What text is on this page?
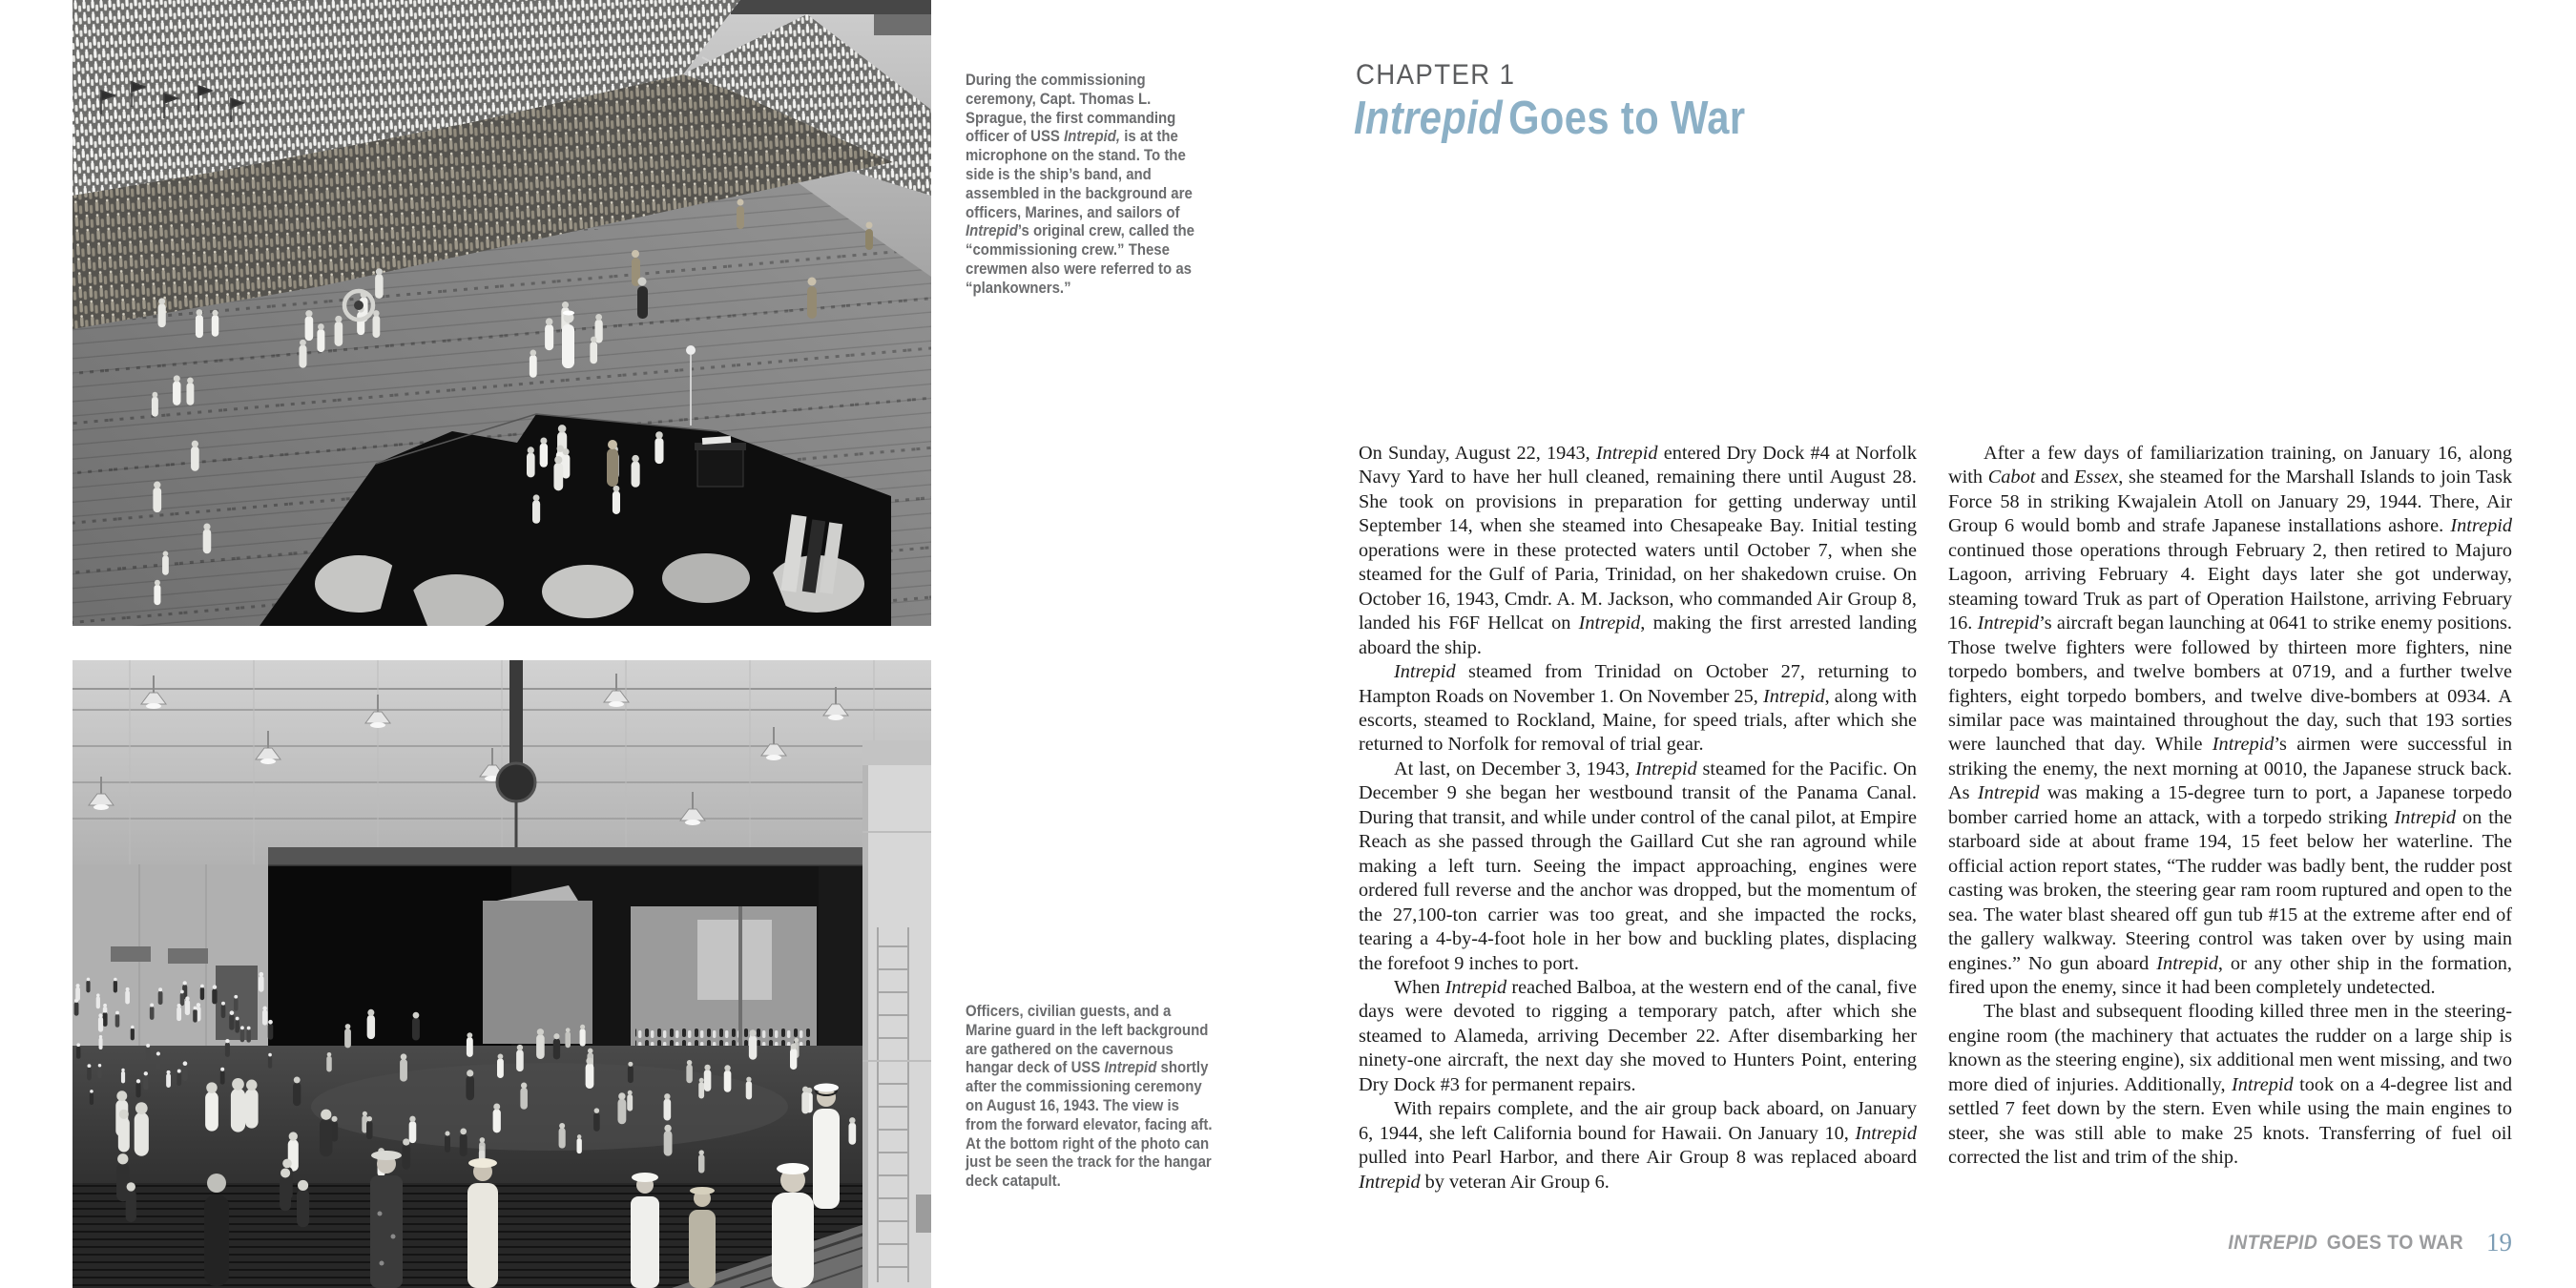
During the commissioning ceremony, Capt. Thomas L. Sprague, the first commanding officer of USS Intrepid, is at the microphone on the stand. To the side is the ship’s band, and assembled in the background are officers, Marines, and sailors of Intrepid’s original crew, called the “commissioning crew.” These crewmen also were referred to as “plankowners.”
Officers, civilian guests, and a Marine guard in the left background are gathered on the cavernous hangar deck of USS Intrepid shortly after the commissioning ceremony on August 16, 1943. The view is from the forward elevator, facing aft. At the bottom right of the photo can just be seen the track for the hangar deck catapult.
CHAPTER 1
Intrepid Goes to War

On Sunday, August 22, 1943, Intrepid entered Dry Dock #4 at Norfolk Navy Yard to have her hull cleaned, remaining there until August 28. She took on provisions in preparation for getting underway until September 14, when she steamed into Chesapeake Bay. Initial testing operations were in these protected waters until October 7, when she steamed for the Gulf of Paria, Trinidad, on her shakedown cruise. On October 16, 1943, Cmdr. A. M. Jackson, who commanded Air Group 8, landed his F6F Hellcat on Intrepid, making the first arrested landing aboard the ship.

Intrepid steamed from Trinidad on October 27, returning to Hampton Roads on November 1. On November 25, Intrepid, along with escorts, steamed to Rockland, Maine, for speed trials, after which she returned to Norfolk for removal of trial gear.

At last, on December 3, 1943, Intrepid steamed for the Pacific. On December 9 she began her westbound transit of the Panama Canal. During that transit, and while under control of the canal pilot, at Empire Reach as she passed through the Gaillard Cut she ran aground while making a left turn. Seeing the impact approaching, engines were ordered full reverse and the anchor was dropped, but the momentum of the 27,100-ton carrier was too great, and she impacted the rocks, tearing a 4-by-4-foot hole in her bow and buckling plates, displacing the forefoot 9 inches to port.

When Intrepid reached Balboa, at the western end of the canal, five days were devoted to rigging a temporary patch, after which she steamed to Alameda, arriving December 22. After disembarking her ninety-one aircraft, the next day she moved to Hunters Point, entering Dry Dock #3 for permanent repairs.

With repairs complete, and the air group back aboard, on January 6, 1944, she left California bound for Hawaii. On January 10, Intrepid pulled into Pearl Harbor, and there Air Group 8 was replaced aboard Intrepid by veteran Air Group 6.

After a few days of familiarization training, on January 16, along with Cabot and Essex, she steamed for the Marshall Islands to join Task Force 58 in striking Kwajalein Atoll on January 29, 1944. There, Air Group 6 would bomb and strafe Japanese installations ashore. Intrepid continued those operations through February 2, then retired to Majuro Lagoon, arriving February 4. Eight days later she got underway, steaming toward Truk as part of Operation Hailstone, arriving February 16. Intrepid’s aircraft began launching at 0641 to strike enemy positions. Those twelve fighters were followed by thirteen more fighters, nine torpedo bombers, and twelve bombers at 0719, and a further twelve fighters, eight torpedo bombers, and twelve dive-bombers at 0934. A similar pace was maintained throughout the day, such that 193 sorties were launched that day. While Intrepid’s airmen were successful in striking the enemy, the next morning at 0010, the Japanese struck back. As Intrepid was making a 15-degree turn to port, a Japanese torpedo bomber carried home an attack, with a torpedo striking Intrepid on the starboard side at about frame 194, 15 feet below her waterline. The official action report states, “The rudder was badly bent, the rudder post casting was broken, the steering gear ram room ruptured and open to the sea. The water blast sheared off gun tub #15 at the extreme after end of the gallery walkway. Steering control was taken over by using main engines.” No gun aboard Intrepid, or any other ship in the formation, fired upon the enemy, since it had been completely undetected.

The blast and subsequent flooding killed three men in the steering-engine room (the machinery that actuates the rudder on a large ship is known as the steering engine), six additional men went missing, and two more died of injuries. Additionally, Intrepid took on a 4-degree list and settled 7 feet down by the stern. Even while using the main engines to steer, she was still able to make 25 knots. Transferring of fuel oil corrected the list and trim of the ship.

INTREPID GOES TO WAR 19
